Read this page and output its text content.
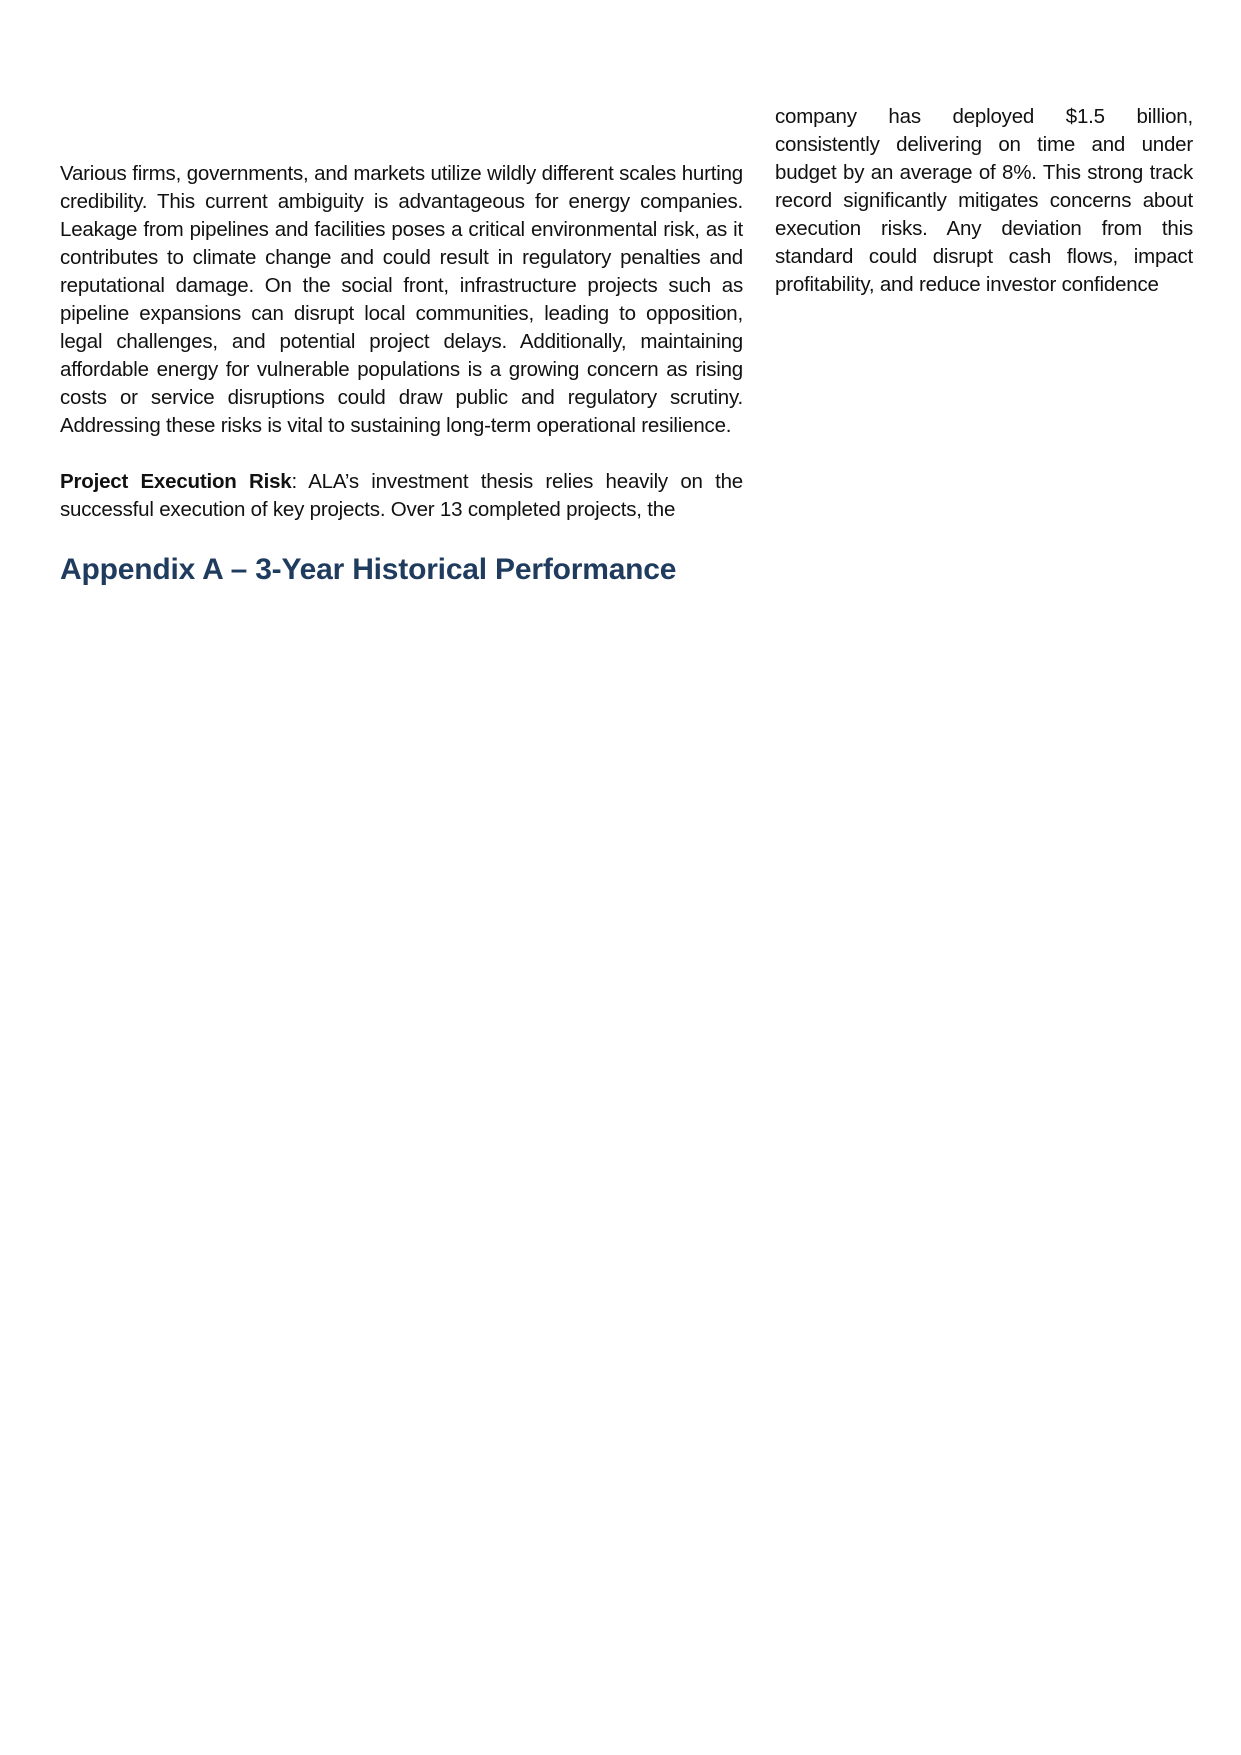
Various firms, governments, and markets utilize wildly different scales hurting credibility. This current ambiguity is advantageous for energy companies. Leakage from pipelines and facilities poses a critical environmental risk, as it contributes to climate change and could result in regulatory penalties and reputational damage. On the social front, infrastructure projects such as pipeline expansions can disrupt local communities, leading to opposition, legal challenges, and potential project delays. Additionally, maintaining affordable energy for vulnerable populations is a growing concern as rising costs or service disruptions could draw public and regulatory scrutiny. Addressing these risks is vital to sustaining long-term operational resilience.

Project Execution Risk: ALA’s investment thesis relies heavily on the successful execution of key projects. Over 13 completed projects, the

company has deployed $1.5 billion, consistently delivering on time and under budget by an average of 8%. This strong track record significantly mitigates concerns about execution risks. Any deviation from this standard could disrupt cash flows, impact profitability, and reduce investor confidence

Appendix A – 3-Year Historical Performance
